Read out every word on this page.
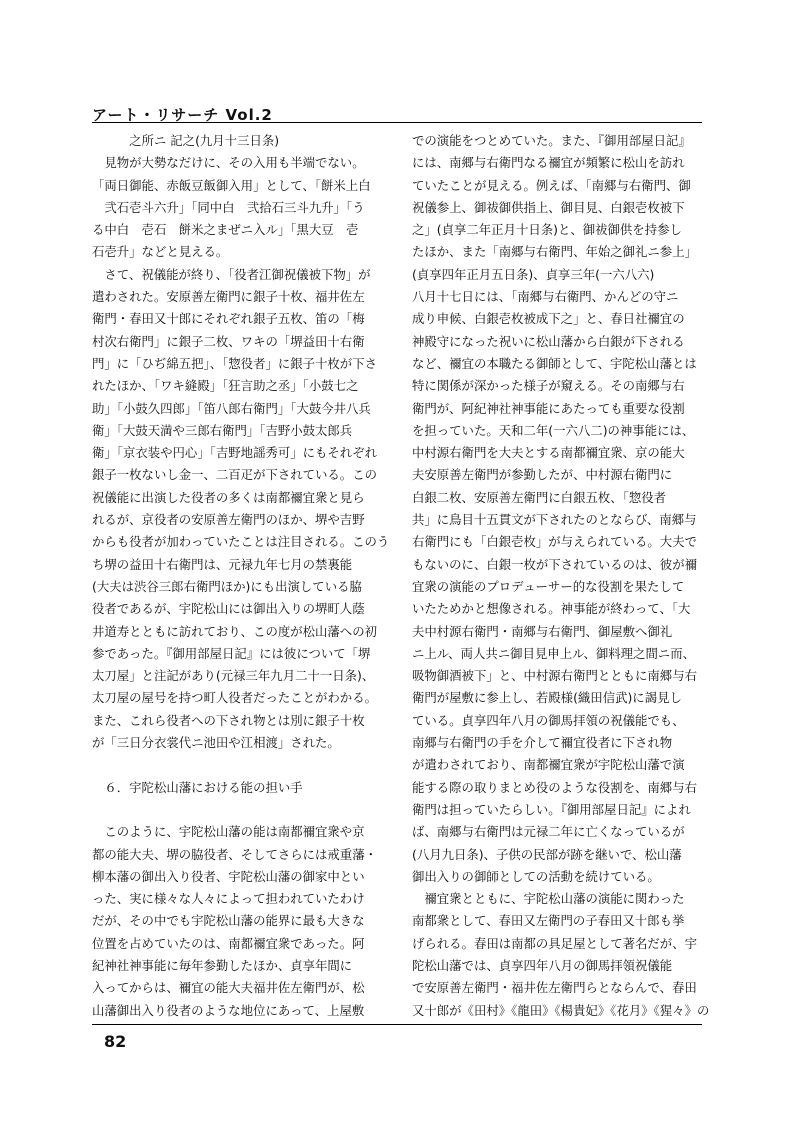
アート・リサーチ Vol.2
　　　之所ニ 記之(九月十三日条)
　見物が大勢なだけに、その入用も半端でない。
「両日御能、赤飯豆飯御入用」として、「餅米上白
　弐石壱斗六升」「同中白　弐拾石三斗九升」「う
る中白　壱石　餅米之まぜニ入ル」「黒大豆　壱
石壱升」などと見える。
　さて、祝儀能が終り、「役者江御祝儀被下物」が
遣わされた。安原善左衛門に銀子十枚、福井佐左
衛門・春田又十郎にそれぞれ銀子五枚、笛の「梅
村次右衛門」に銀子二枚、ワキの「堺益田十右衛
門」に「ひぢ綿五把」、「惣役者」に銀子十枚が下さ
れたほか、「ワキ縫殿」「狂言助之丞」「小鼓七之
助」「小鼓久四郎」「笛八郎右衛門」「大鼓今井八兵
衛」「大鼓天満や三郎右衛門」「吉野小鼓太郎兵
衛」「京衣装や円心」「吉野地謡秀可」にもそれぞれ
銀子一枚ないし金一、二百疋が下されている。この
祝儀能に出演した役者の多くは南都禰宜衆と見ら
れるが、京役者の安原善左衛門のほか、堺や吉野
からも役者が加わっていたことは注目される。このう
ち堺の益田十右衛門は、元禄九年七月の禁裏能
(大夫は渋谷三郎右衛門ほか)にも出演している脇
役者であるが、宇陀松山には御出入りの堺町人蔭
井道寿とともに訪れており、この度が松山藩への初
参であった。『御用部屋日記』には彼について「堺
太刀屋」と注記があり(元禄三年九月二十一日条)、
太刀屋の屋号を持つ町人役者だったことがわかる。
また、これら役者への下され物とは別に銀子十枚
が「三日分衣裳代ニ池田や江相渡」された。
　６．宇陀松山藩における能の担い手
　このように、宇陀松山藩の能は南都禰宜衆や京
都の能大夫、堺の脇役者、そしてさらには戒重藩・
柳本藩の御出入り役者、宇陀松山藩の御家中とい
った、実に様々な人々によって担われていたわけ
だが、その中でも宇陀松山藩の能界に最も大きな
位置を占めていたのは、南都禰宜衆であった。阿
紀神社神事能に毎年参勤したほか、貞享年間に
入ってからは、禰宜の能大夫福井佐左衛門が、松
山藩御出入り役者のような地位にあって、上屋敷
での演能をつとめていた。また、『御用部屋日記』
には、南郷与右衛門なる禰宜が頻繁に松山を訪れ
ていたことが見える。例えば、「南郷与右衛門、御
祝儀参上、御祓御供指上、御目見、白銀壱枚被下
之」(貞享二年正月十日条)と、御祓御供を持参し
たほか、また「南郷与右衛門、年始之御礼ニ参上」
(貞享四年正月五日条)、貞享三年(一六八六)
八月十七日には、「南郷与右衛門、かんどの守ニ
成り申候、白銀壱枚被成下之」と、春日社禰宜の
神殿守になった祝いに松山藩から白銀が下される
など、禰宜の本職たる御師として、宇陀松山藩とは
特に関係が深かった様子が窺える。その南郷与右
衛門が、阿紀神社神事能にあたっても重要な役割
を担っていた。天和二年(一六八二)の神事能には、
中村源右衛門を大夫とする南都禰宜衆、京の能大
夫安原善左衛門が参勤したが、中村源右衛門に
白銀二枚、安原善左衛門に白銀五枚、「惣役者
共」に鳥目十五貫文が下されたのとならび、南郷与
右衛門にも「白銀壱枚」が与えられている。大夫で
もないのに、白銀一枚が下されているのは、彼が禰
宜衆の演能のプロデューサー的な役割を果たして
いたためかと想像される。神事能が終わって、「大
夫中村源右衛門・南郷与右衛門、御屋敷へ御礼
ニ上ル、両人共ニ御目見申上ル、御料理之間ニ而、
吸物御酒被下」と、中村源右衛門とともに南郷与右
衛門が屋敷に参上し、若殿様(織田信武)に謁見し
ている。貞享四年八月の御馬拝領の祝儀能でも、
南郷与右衛門の手を介して禰宜役者に下され物
が遣わされており、南都禰宜衆が宇陀松山藩で演
能する際の取りまとめ役のような役割を、南郷与右
衛門は担っていたらしい。『御用部屋日記』によれ
ば、南郷与右衛門は元禄二年に亡くなっているが
(八月九日条)、子供の民部が跡を継いで、松山藩
御出入りの御師としての活動を続けている。
　禰宜衆とともに、宇陀松山藩の演能に関わった
南都衆として、春田又左衛門の子春田又十郎も挙
げられる。春田は南都の具足屋として著名だが、宇
陀松山藩では、貞享四年八月の御馬拝領祝儀能
で安原善左衛門・福井佐左衛門らとならんで、春田
又十郎が《田村》《龍田》《楊貴妃》《花月》《猩々》の
82
